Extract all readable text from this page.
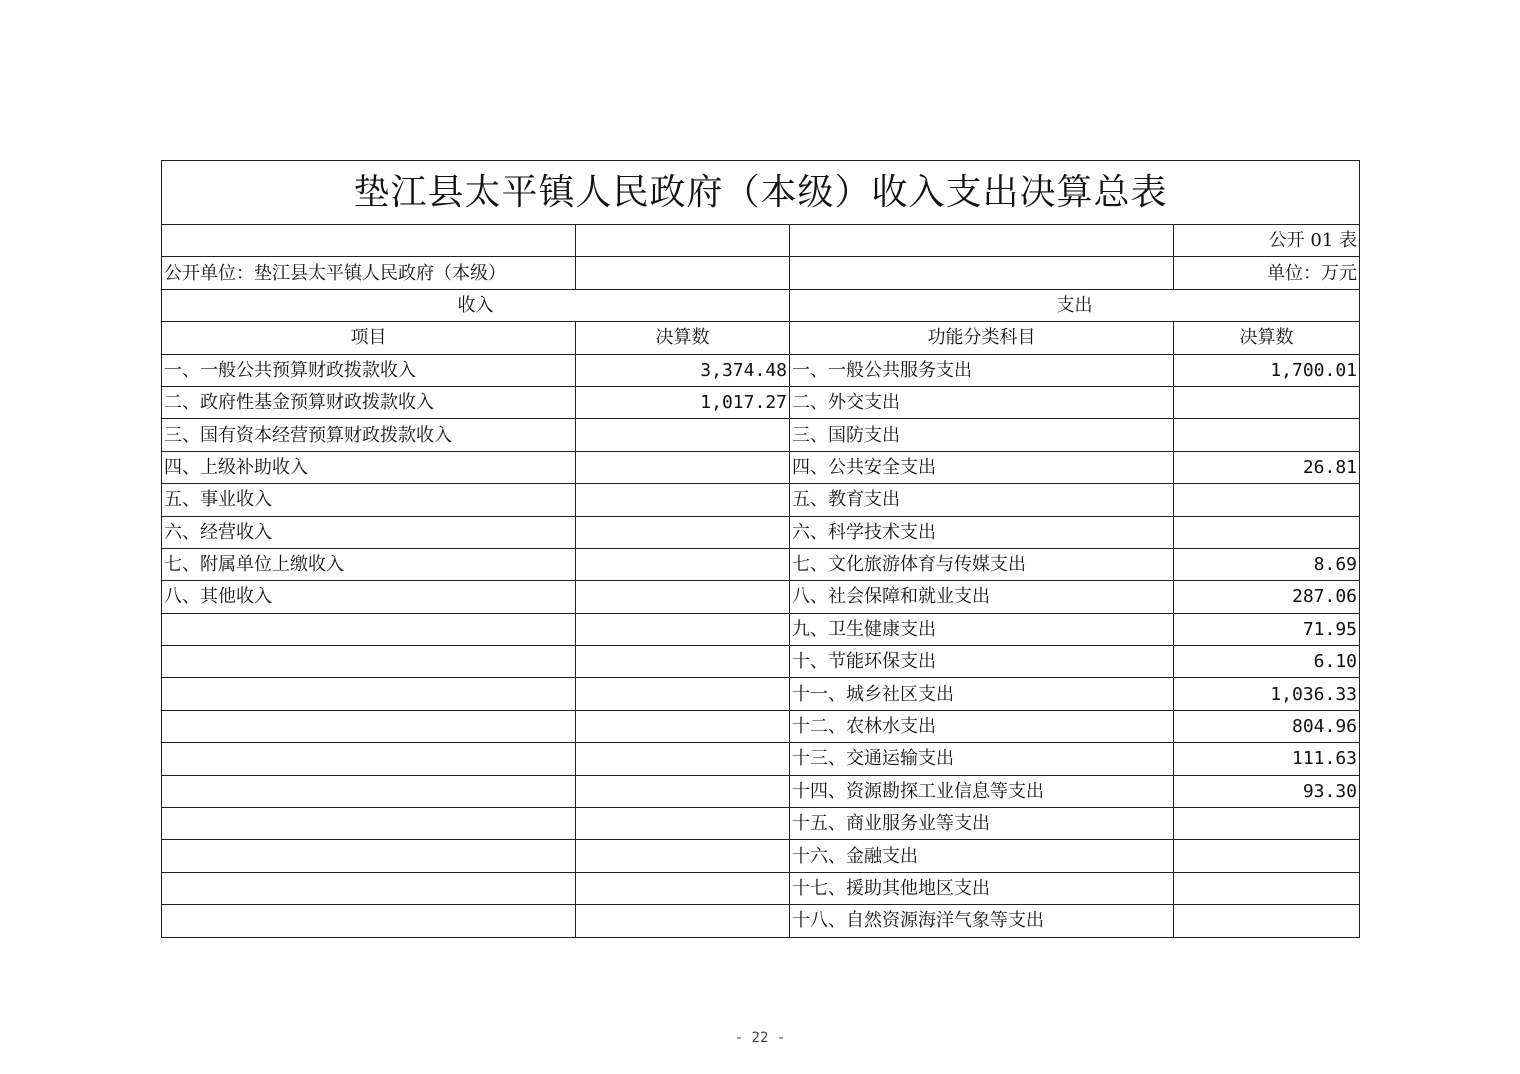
垫江县太平镇人民政府（本级）收入支出决算总表			
			公开 01 表
公开单位：垫江县太平镇人民政府（本级）			单位：万元
收入		支出	
项目	决算数	功能分类科目	决算数
一、一般公共预算财政拨款收入	3,374.48	一、一般公共服务支出	1,700.01
二、政府性基金预算财政拨款收入	1,017.27	二、外交支出	
三、国有资本经营预算财政拨款收入		三、国防支出	
四、上级补助收入		四、公共安全支出	26.81
五、事业收入		五、教育支出	
六、经营收入		六、科学技术支出	
七、附属单位上缴收入		七、文化旅游体育与传媒支出	8.69
八、其他收入		八、社会保障和就业支出	287.06
		九、卫生健康支出	71.95
		十、节能环保支出	6.10
		十一、城乡社区支出	1,036.33
		十二、农林水支出	804.96
		十三、交通运输支出	111.63
		十四、资源勘探工业信息等支出	93.30
		十五、商业服务业等支出	
		十六、金融支出	
		十七、援助其他地区支出	
		十八、自然资源海洋气象等支出	
- 22 -
